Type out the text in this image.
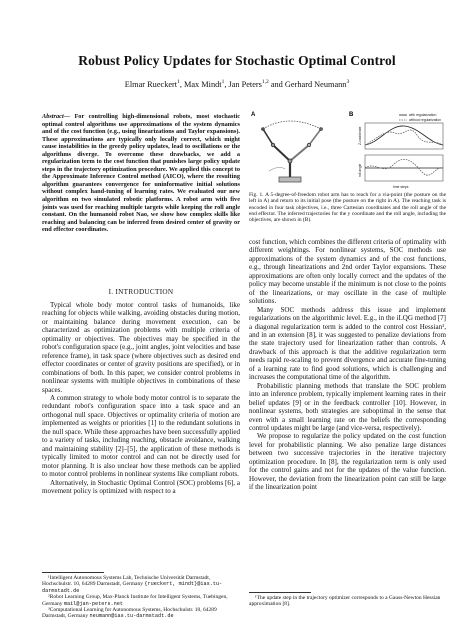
Robust Policy Updates for Stochastic Optimal Control
Elmar Rueckert$^1$, Max Mindt$^1$, Jan Peters$^{1,2}$ and Gerhard Neumann$^3$
Abstract— For controlling high-dimensional robots, most stochastic optimal control algorithms use approximations of the system dynamics and of the cost function (e.g., using linearizations and Taylor expansions). These approximations are typically only locally correct, which might cause instabilities in the greedy policy updates, lead to oscillations or the algorithms diverge. To overcome these drawbacks, we add a regularization term to the cost function that punishes large policy update steps in the trajectory optimization procedure. We applied this concept to the Approximate Inference Control method (AICO), where the resulting algorithm guarantees convergence for uninformative initial solutions without complex hand-tuning of learning rates. We evaluated our new algorithm on two simulated robotic platforms. A robot arm with five joints was used for reaching multiple targets while keeping the roll angle constant. On the humanoid robot Nao, we show how complex skills like reaching and balancing can be inferred from desired center of gravity or end effector coordinates.
I. INTRODUCTION

Typical whole body motor control tasks of humanoids, like reaching for objects while walking, avoiding obstacles during motion, or maintaining balance during movement execution, can be characterized as optimization problems with multiple criteria of optimality or objectives. The objectives may be specified in the robot's configuration space (e.g., joint angles, joint velocities and base reference frame), in task space (where objectives such as desired end effector coordinates or center of gravity positions are specified), or in combinations of both. In this paper, we consider control problems in nonlinear systems with multiple objectives in combinations of these spaces.

A common strategy to whole body motor control is to separate the redundant robot's configuration space into a task space and an orthogonal null space. Objectives or optimality criteria of motion are implemented as weights or priorities [1] to the redundant solutions in the null space. While these approaches have been successfully applied to a variety of tasks, including reaching, obstacle avoidance, walking and maintaining stability [2]–[5], the application of these methods is typically limited to motor control and can not be directly used for motor planning. It is also unclear how these methods can be applied to motor control problems in nonlinear systems like compliant robots.

Alternatively, in Stochastic Optimal Control (SOC) problems [6], a movement policy is optimized with respect to a

¹Intelligent Autonomous Systems Lab, Technische Universität Darmstadt, Hochschulstr. 10, 64289 Darmstadt, Germany {rueckert, mindt}@ias.tu-darmstadt.de

²Robot Learning Group, Max-Planck Institute for Intelligent Systems, Tuebingen, Germany mail@jan-peters.net

³Computational Learning for Autonomous Systems, Hochschulstr. 10, 64289 Darmstadt, Germany neumann@ias.tu-darmstadt.de

A	B	with regularization
without regularization
Z-coordinate
roll angle
time steps
Fig. 1. A 5-degree-of-freedom robot arm has to reach for a via-point (the posture on the left in A) and return to its initial pose (the posture on the right in A). The reaching task is encoded in four task objectives, i.e., three Cartesian coordinates and the roll angle of the end effector. The inferred trajectories for the y coordinate and the roll angle, including the objectives, are shown in (B).

cost function, which combines the different criteria of optimality with different weightings. For nonlinear systems, SOC methods use approximations of the system dynamics and of the cost functions, e.g., through linearizations and 2nd order Taylor expansions. These approximations are often only locally correct and the updates of the policy may become unstable if the minimum is not close to the points of the linearizations, or may oscillate in the case of multiple solutions.

Many SOC methods address this issue and implement regularizations on the algorithmic level. E.g., in the iLQG method [7] a diagonal regularization term is added to the control cost Hessian¹, and in an extension [8], it was suggested to penalize deviations from the state trajectory used for linearization rather than controls. A drawback of this approach is that the additive regularization term needs rapid re-scaling to prevent divergence and accurate fine-tuning of a learning rate to find good solutions, which is challenging and increases the computational time of the algorithm.

Probabilistic planning methods that translate the SOC problem into an inference problem, typically implement learning rates in their belief updates [9] or in the feedback controller [10]. However, in nonlinear systems, both strategies are suboptimal in the sense that even with a small learning rate on the beliefs the corresponding control updates might be large (and vice-versa, respectively).

We propose to regularize the policy updated on the cost function level for probabilistic planning. We also penalize large distances between two successive trajectories in the iterative trajectory optimization procedure. In [8], the regularization term is only used for the control gains and not for the updates of the value function. However, the deviation from the linearization point can still be large if the linearization point

¹The update step in the trajectory optimizer corresponds to a Gauss-Newton Hessian approximation [8].
